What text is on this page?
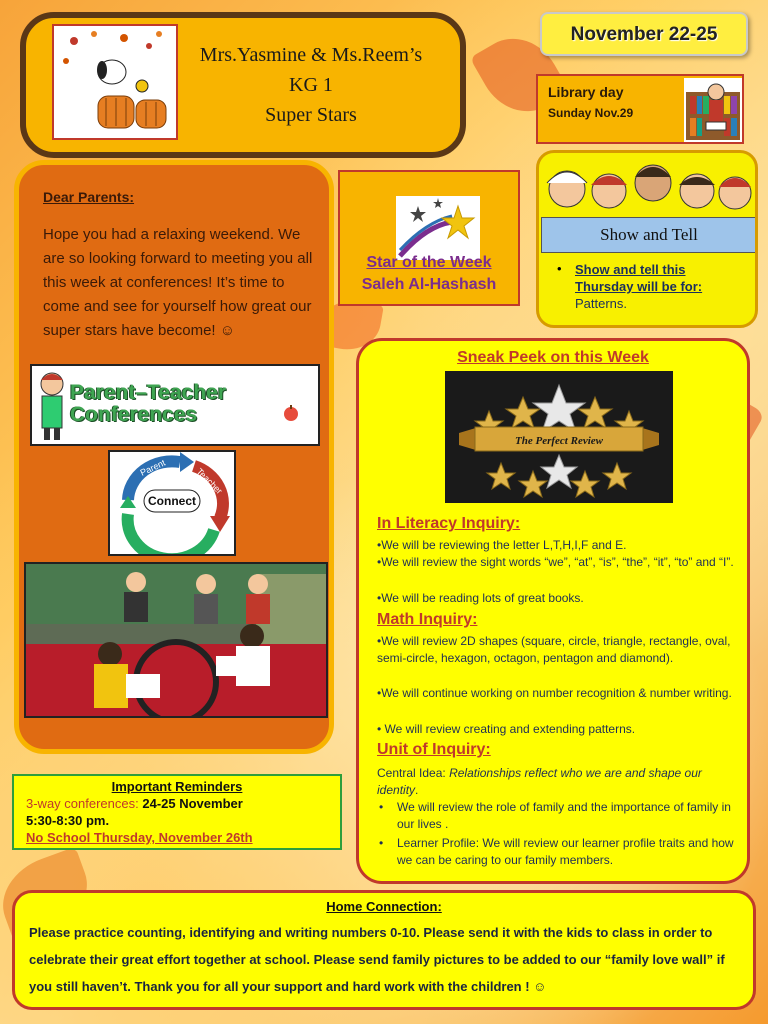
Mrs.Yasmine & Ms.Reem’s
KG 1
Super Stars
November 22-25
Library day
Sunday Nov.29
Dear Parents:
Hope you had a relaxing weekend. We are so looking forward to meeting you all this week at conferences! It’s time to come and see for yourself how great our super stars have become! ☺
Parent–Teacher Conferences
Parent	Teacher
Student
Connect
Star of the Week
Saleh Al-Hashash
Show and Tell
• Show and tell this Thursday will be for: Patterns.
Sneak Peek on this Week
The Perfect Review
In Literacy Inquiry:
•We will be reviewing the letter L,T,H,I,F and E.
•We will review the sight words “we”, “at”, “is”, “the”, “it”, “to” and “I”.
•We will be reading lots of great books.
Math Inquiry:
•We will review 2D shapes (square, circle, triangle, rectangle, oval, semi-circle, hexagon, octagon, pentagon and diamond).
•We will continue working on number recognition & number writing.
• We will review creating and extending patterns.
Unit of Inquiry:
Central Idea: Relationships reflect who we are and shape our identity.
•	We will review the role of family and the importance of family in our lives .
•	Learner Profile: We will review our learner profile traits and how we can be caring to our family members.
Important Reminders
3-way conferences: 24-25 November
5:30-8:30 pm.
No School Thursday, November 26th
Home Connection:
Please practice counting, identifying and writing numbers 0-10. Please send it with the kids to class in order to celebrate their great effort together at school. Please send family pictures to be added to our “family love wall” if you still haven’t. Thank you for all your support and hard work with the children ! ☺
